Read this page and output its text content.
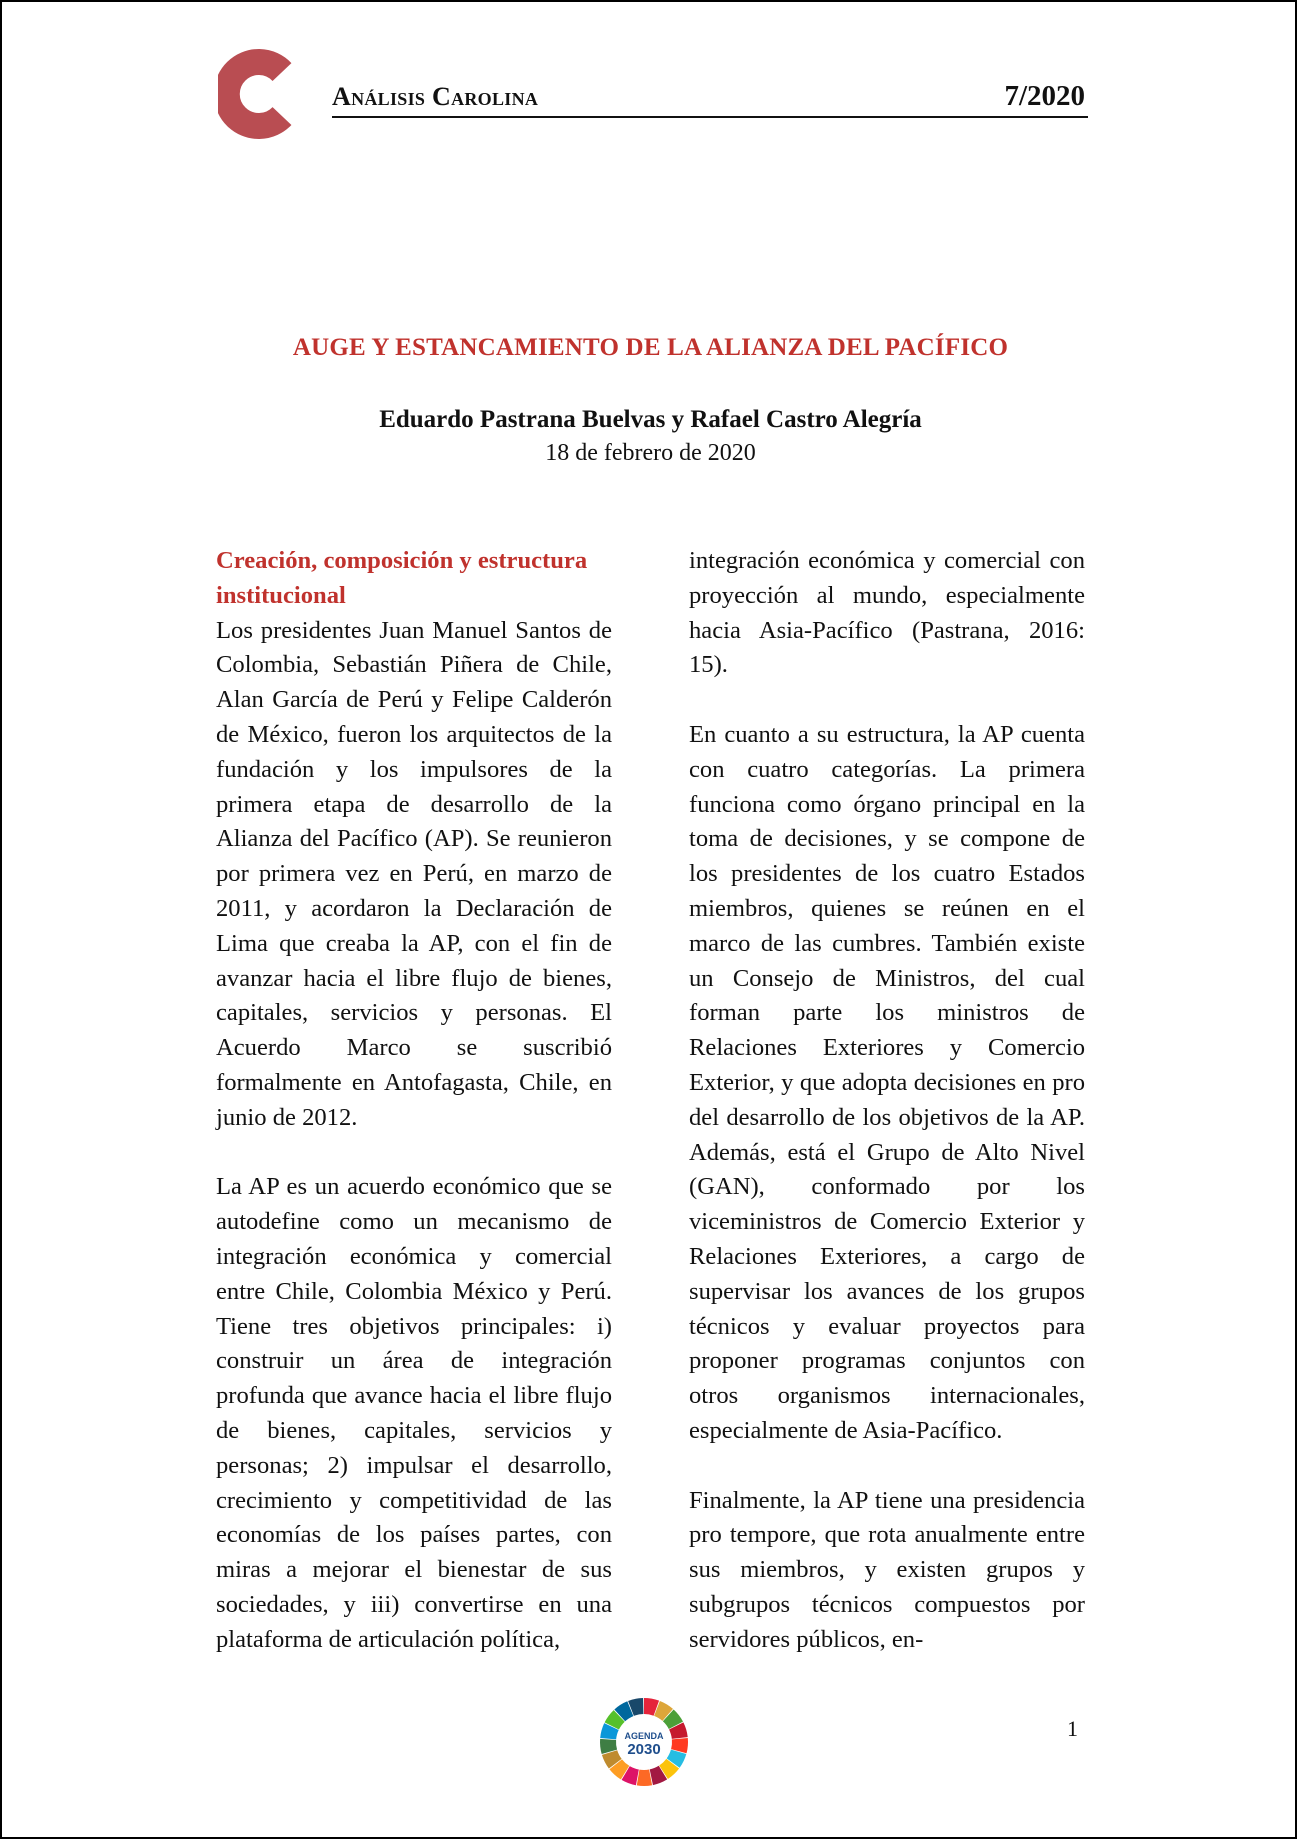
Análisis Carolina	7/2020
AUGE Y ESTANCAMIENTO DE LA ALIANZA DEL PACÍFICO
Eduardo Pastrana Buelvas y Rafael Castro Alegría
18 de febrero de 2020
Creación, composición y estructura institucional

Los presidentes Juan Manuel Santos de Colombia, Sebastián Piñera de Chile, Alan García de Perú y Felipe Calderón de México, fueron los arquitectos de la fundación y los impulsores de la primera etapa de desarrollo de la Alianza del Pacífico (AP). Se reunieron por primera vez en Perú, en marzo de 2011, y acordaron la Declaración de Lima que creaba la AP, con el fin de avanzar hacia el libre flujo de bienes, capitales, servicios y personas. El Acuerdo Marco se suscribió formalmente en Antofagasta, Chile, en junio de 2012.

La AP es un acuerdo económico que se autodefine como un mecanismo de integración económica y comercial entre Chile, Colombia México y Perú. Tiene tres objetivos principales: i) construir un área de integración profunda que avance hacia el libre flujo de bienes, capitales, servicios y personas; 2) impulsar el desarrollo, crecimiento y competitividad de las economías de los países partes, con miras a mejorar el bienestar de sus sociedades, y iii) convertirse en una plataforma de articulación política,

integración económica y comercial con proyección al mundo, especialmente hacia Asia-Pacífico (Pastrana, 2016: 15).

En cuanto a su estructura, la AP cuenta con cuatro categorías. La primera funciona como órgano principal en la toma de decisiones, y se compone de los presidentes de los cuatro Estados miembros, quienes se reúnen en el marco de las cumbres. También existe un Consejo de Ministros, del cual forman parte los ministros de Relaciones Exteriores y Comercio Exterior, y que adopta decisiones en pro del desarrollo de los objetivos de la AP. Además, está el Grupo de Alto Nivel (GAN), conformado por los viceministros de Comercio Exterior y Relaciones Exteriores, a cargo de supervisar los avances de los grupos técnicos y evaluar proyectos para proponer programas conjuntos con otros organismos internacionales, especialmente de Asia-Pacífico.

Finalmente, la AP tiene una presidencia pro tempore, que rota anualmente entre sus miembros, y existen grupos y subgrupos técnicos compuestos por servidores públicos, en-

AGENDA
2030
1
